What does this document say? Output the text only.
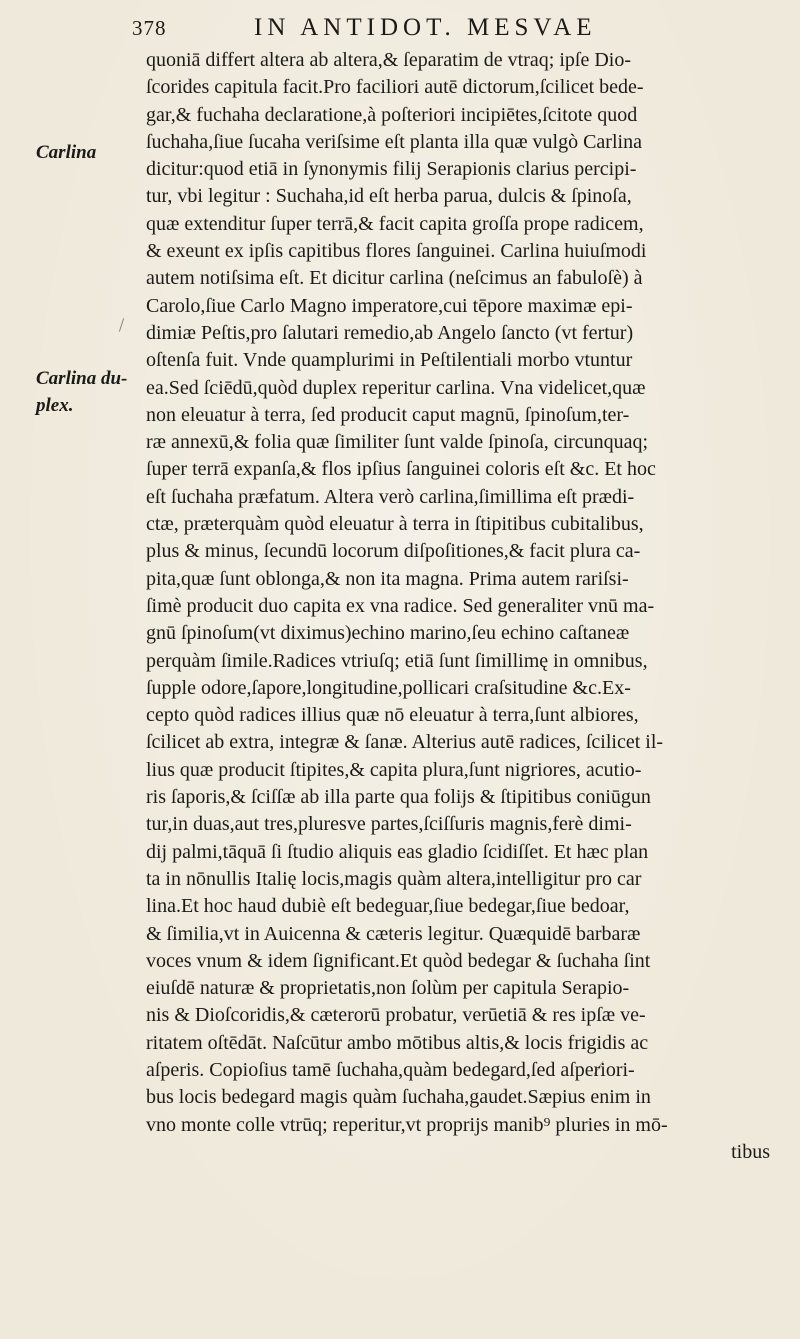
378	IN ANTIDOT. MESVAE
Carlina
Carlina du-
plex.
quoniā differt altera ab altera,& ſeparatim de vtraq; ipſe Dio-
ſcorides capitula facit.Pro faciliori autē dictorum,ſcilicet bede-
gar,& fuchaha declaratione,à poſteriori incipiētes,ſcitote quod
ſuchaha,ſiue ſucaha veriſsime eſt planta illa quæ vulgò Carlina
dicitur:quod etiā in ſynonymis filij Serapionis clarius percipi-
tur, vbi legitur : Suchaha,id eſt herba parua, dulcis & ſpinoſa,
quæ extenditur ſuper terrā,& facit capita groſſa prope radicem,
& exeunt ex ipſis capitibus flores ſanguinei. Carlina huiuſmodi
autem notiſsima eſt. Et dicitur carlina (neſcimus an fabuloſè) à
Carolo,ſiue Carlo Magno imperatore,cui tēpore maximæ epi-
dimiæ Peſtis,pro ſalutari remedio,ab Angelo ſancto (vt fertur)
oſtenſa fuit. Vnde quamplurimi in Peſtilentiali morbo vtuntur
ea.Sed ſciēdū,quòd duplex reperitur carlina. Vna videlicet,quæ
non eleuatur à terra, ſed producit caput magnū, ſpinoſum,ter-
ræ annexū,& folia quæ ſimiliter ſunt valde ſpinoſa, circunquaq;
ſuper terrā expanſa,& flos ipſius ſanguinei coloris eſt &c. Et hoc
eſt ſuchaha præfatum. Altera verò carlina,ſimillima eſt prædi-
ctæ, præterquàm quòd eleuatur à terra in ſtipitibus cubitalibus,
plus & minus, ſecundū locorum diſpoſitiones,& facit plura ca-
pita,quæ ſunt oblonga,& non ita magna. Prima autem rariſsi-
ſimè producit duo capita ex vna radice. Sed generaliter vnū ma-
gnū ſpinoſum(vt diximus)echino marino,ſeu echino caſtaneæ
perquàm ſimile.Radices vtriuſq; etiā ſunt ſimillimę in omnibus,
ſupple odore,ſapore,longitudine,pollicari craſsitudine &c.Ex-
cepto quòd radices illius quæ nō eleuatur à terra,ſunt albiores,
ſcilicet ab extra, integræ & ſanæ. Alterius autē radices, ſcilicet il-
lius quæ producit ſtipites,& capita plura,ſunt nigriores, acutio-
ris ſaporis,& ſciſſæ ab illa parte qua folijs & ſtipitibus coniūgun
tur,in duas,aut tres,pluresve partes,ſciſſuris magnis,ferè dimi-
dij palmi,tāquā ſi ſtudio aliquis eas gladio ſcidiſſet. Et hæc plan
ta in nōnullis Italię locis,magis quàm altera,intelligitur pro car
lina.Et hoc haud dubiè eſt bedeguar,ſiue bedegar,ſiue bedoar,
& ſimilia,vt in Auicenna & cæteris legitur. Quæquidē barbaræ
voces vnum & idem ſignificant.Et quòd bedegar & ſuchaha ſint
eiuſdē naturæ & proprietatis,non ſolùm per capitula Serapio-
nis & Dioſcoridis,& cæterorū probatur, verūetiā & res ipſæ ve-
ritatem oſtēdāt. Naſcūtur ambo mōtibus altis,& locis frigidis ac
aſperis. Copioſius tamē ſuchaha,quàm bedegard,ſed aſperiori-
bus locis bedegard magis quàm ſuchaha,gaudet.Sæpius enim in
vno monte colle vtrūq; reperitur,vt proprijs manib⁹ pluries in mō-
tibus
